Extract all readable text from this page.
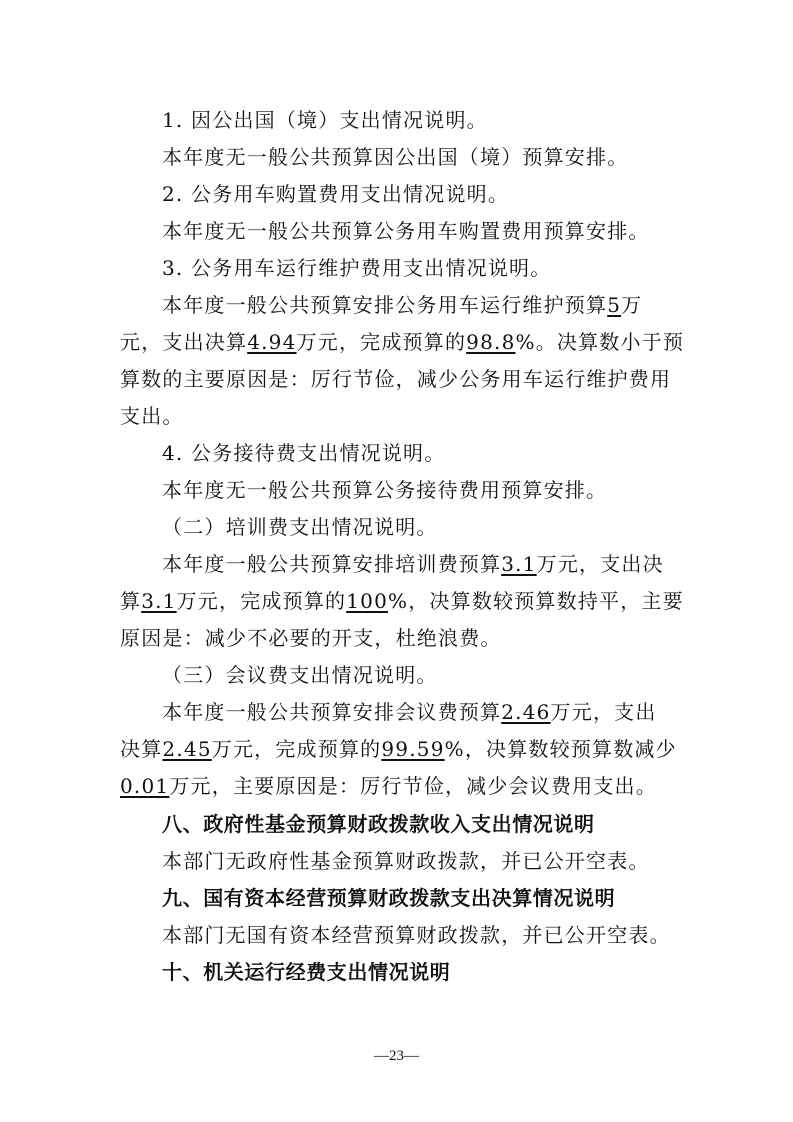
1. 因公出国（境）支出情况说明。
本年度无一般公共预算因公出国（境）预算安排。
2. 公务用车购置费用支出情况说明。
本年度无一般公共预算公务用车购置费用预算安排。
3. 公务用车运行维护费用支出情况说明。
本年度一般公共预算安排公务用车运行维护预算5万
元，支出决算4.94万元，完成预算的98.8%。决算数小于预
算数的主要原因是：厉行节俭，减少公务用车运行维护费用
支出。
4. 公务接待费支出情况说明。
本年度无一般公共预算公务接待费用预算安排。
（二）培训费支出情况说明。
本年度一般公共预算安排培训费预算3.1万元，支出决
算3.1万元，完成预算的100%，决算数较预算数持平，主要
原因是：减少不必要的开支，杜绝浪费。
（三）会议费支出情况说明。
本年度一般公共预算安排会议费预算2.46万元，支出
决算2.45万元，完成预算的99.59%，决算数较预算数减少
0.01万元，主要原因是：厉行节俭，减少会议费用支出。
八、政府性基金预算财政拨款收入支出情况说明
本部门无政府性基金预算财政拨款，并已公开空表。
九、国有资本经营预算财政拨款支出决算情况说明
本部门无国有资本经营预算财政拨款，并已公开空表。
十、机关运行经费支出情况说明
—23—
